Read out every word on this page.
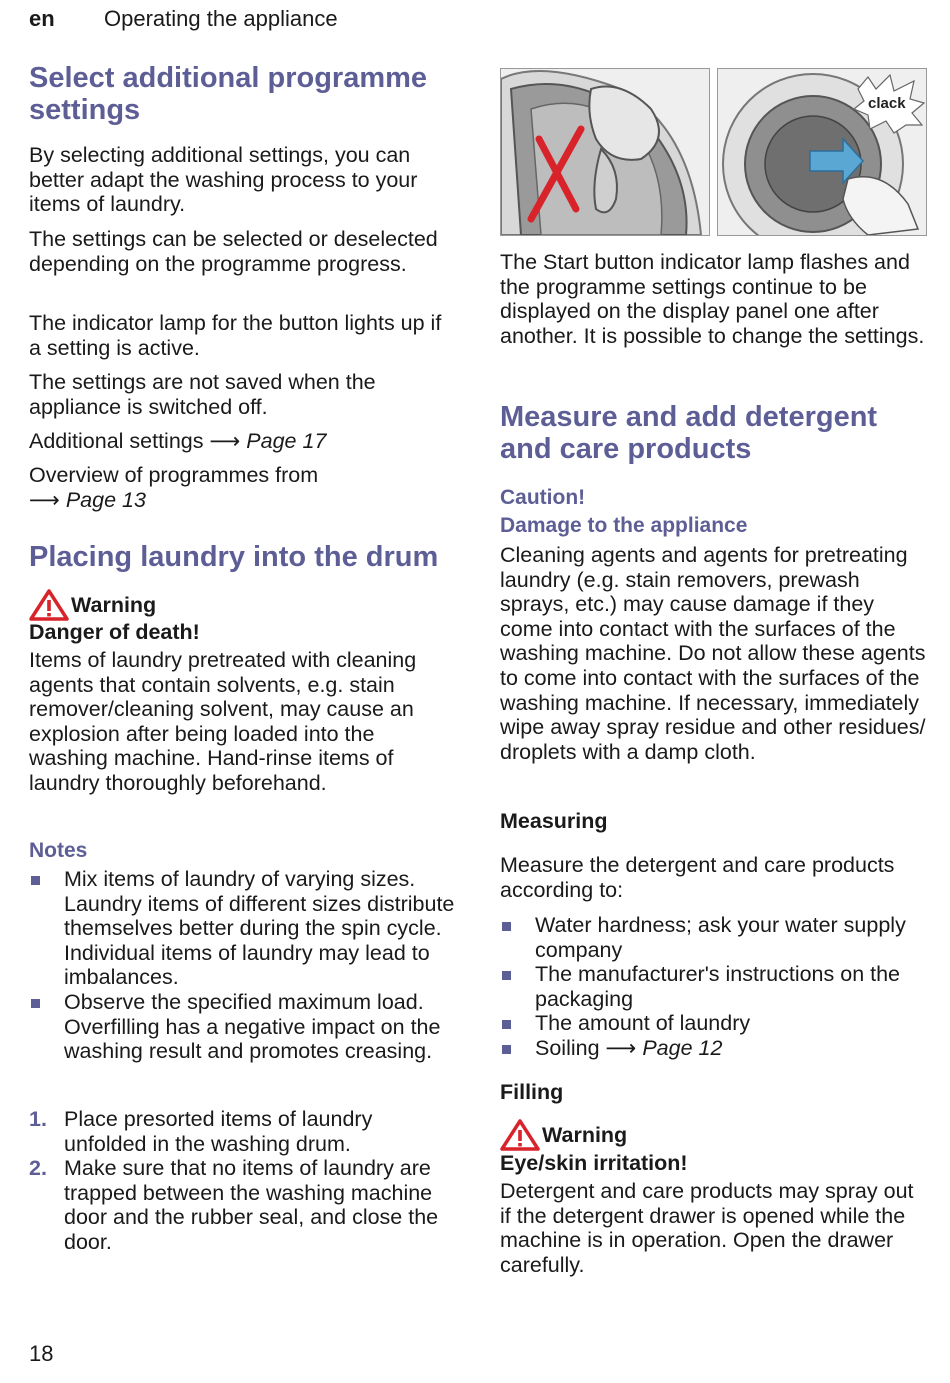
en Operating the appliance
Select additional programme settings

By selecting additional settings, you can better adapt the washing process to your items of laundry.

The settings can be selected or deselected depending on the programme progress.

The indicator lamp for the button lights up if a setting is active.

The settings are not saved when the appliance is switched off.

Additional settings ⟶ Page 17

Overview of programmes from
⟶ Page 13

Placing laundry into the drum
Warning

Danger of death!

Items of laundry pretreated with cleaning agents that contain solvents, e.g. stain remover/cleaning solvent, may cause an explosion after being loaded into the washing machine. Hand-rinse items of laundry thoroughly beforehand.

Notes
Mix items of laundry of varying sizes. Laundry items of different sizes distribute themselves better during the spin cycle. Individual items of laundry may lead to imbalances.
Observe the specified maximum load. Overfilling has a negative impact on the washing result and promotes creasing.
1. Place presorted items of laundry unfolded in the washing drum.
2. Make sure that no items of laundry are trapped between the washing machine door and the rubber seal, and close the door.
clack

The Start button indicator lamp flashes and the programme settings continue to be displayed on the display panel one after another. It is possible to change the settings.

Measure and add detergent and care products
Caution!
Damage to the appliance

Cleaning agents and agents for pretreating laundry (e.g. stain removers, prewash sprays, etc.) may cause damage if they come into contact with the surfaces of the washing machine. Do not allow these agents to come into contact with the surfaces of the washing machine. If necessary, immediately wipe away spray residue and other residues/ droplets with a damp cloth.

Measuring

Measure the detergent and care products according to:

Water hardness; ask your water supply company
The manufacturer's instructions on the packaging
The amount of laundry
Soiling ⟶ Page 12
Filling
Warning

Eye/skin irritation!

Detergent and care products may spray out if the detergent drawer is opened while the machine is in operation. Open the drawer carefully.

18
